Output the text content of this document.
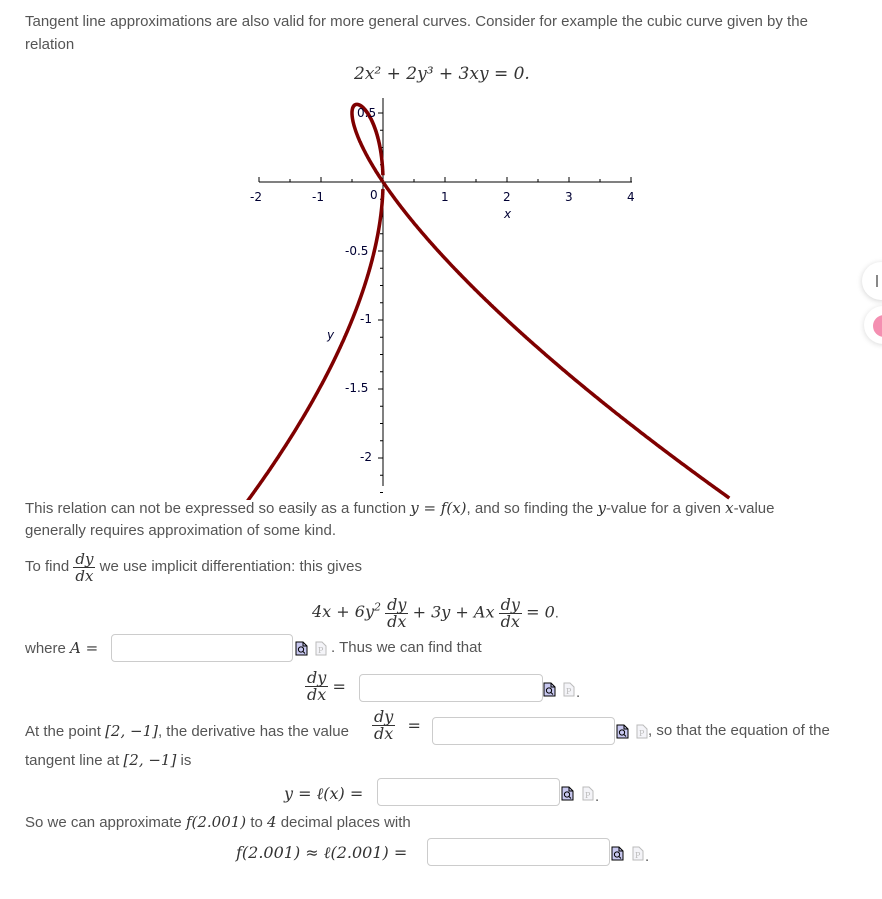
Tangent line approximations are also valid for more general curves. Consider for example the cubic curve given by the
relation
2x² + 2y³ + 3xy = 0.
-2	-1	0	1	2	3	4
x
0.5
-0.5
-1
-1.5
-2
y
This relation can not be expressed so easily as a function y = f(x), and so finding the y-value for a given x-value
generally requires approximation of some kind.
To find $\frac{dy}{dx}$ we use implicit differentiation: this gives
$4x + 6y^2 \frac{dy}{dx} + 3y + Ax \frac{dy}{dx} = 0$.
where A =	P . Thus we can find that
$\frac{dy}{dx}$ =	P .
At the point [2, −1], the derivative has the value $\frac{dy}{dx}$ =	P , so that the equation of the
tangent line at [2, −1] is
y = ℓ(x) =	P .
So we can approximate f(2.001) to 4 decimal places with
f(2.001) ≈ ℓ(2.001) =	P .
